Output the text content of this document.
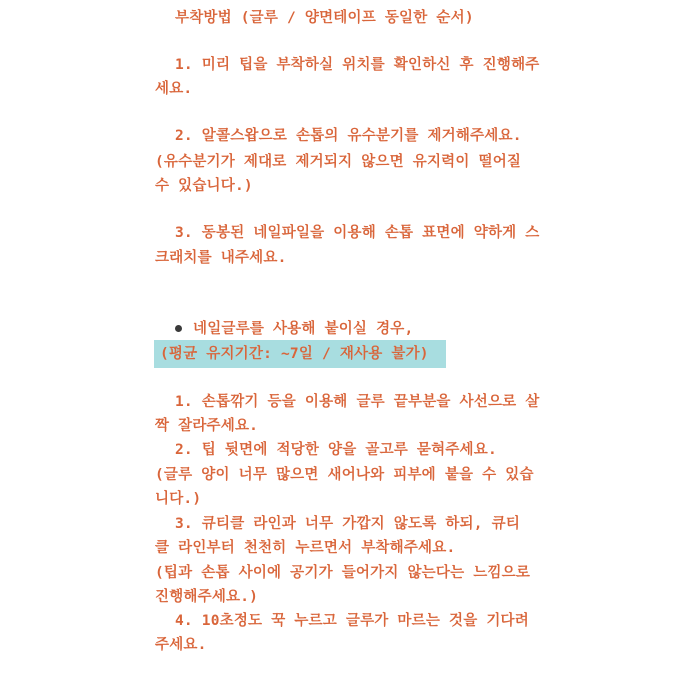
부착방법 (글루 / 양면테이프 동일한 순서)
1. 미리 팁을 부착하실 위치를 확인하신 후 진행해주
세요.
2. 알콜스왑으로 손톱의 유수분기를 제거해주세요.
(유수분기가 제대로 제거되지 않으면 유지력이 떨어질
수 있습니다.)
3. 동봉된 네일파일을 이용해 손톱 표면에 약하게 스
크래치를 내주세요.
네일글루를 사용해 붙이실 경우,
(평균 유지기간: ~7일 / 재사용 불가)
1. 손톱깎기 등을 이용해 글루 끝부분을 사선으로 살
짝 잘라주세요.
2. 팁 뒷면에 적당한 양을 골고루 묻혀주세요.
(글루 양이 너무 많으면 새어나와 피부에 붙을 수 있습
니다.)
3. 큐티클 라인과 너무 가깝지 않도록 하되, 큐티
클 라인부터 천천히 누르면서 부착해주세요.
(팁과 손톱 사이에 공기가 들어가지 않는다는 느낌으로
진행해주세요.)
4. 10초정도 꾹 누르고 글루가 마르는 것을 기다려
주세요.
